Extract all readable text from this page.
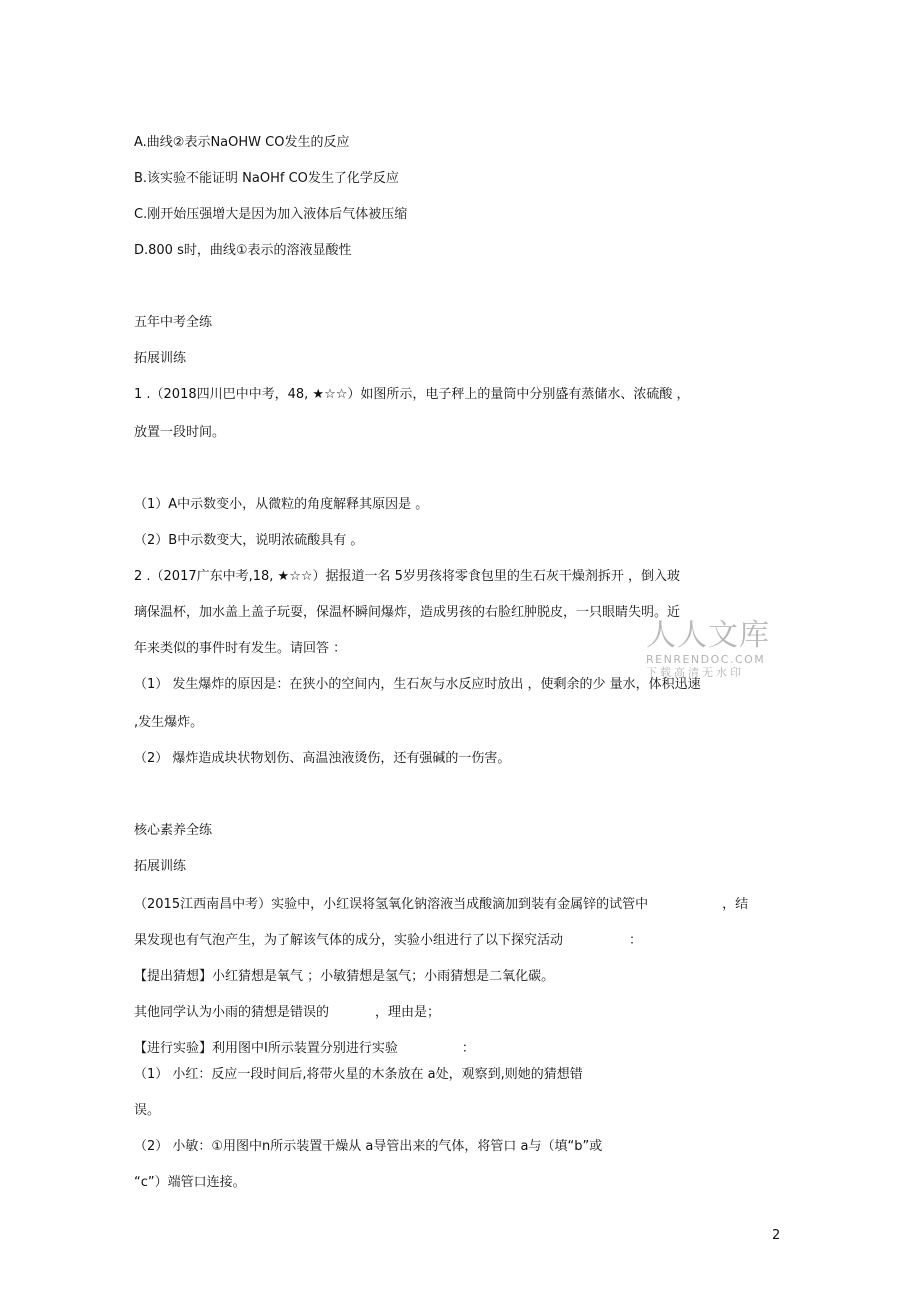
A.曲线②表示NaOHW CO发生的反应
B.该实验不能证明 NaOHf CO发生了化学反应
C.刚开始压强增大是因为加入液体后气体被压缩
D.800 s时，曲线①表示的溶液显酸性
五年中考全练
拓展训练
1 .（2018四川巴中中考，48, ★☆☆）如图所示，电子秤上的量筒中分别盛有蒸储水、浓硫酸 ，
放置一段时间。
（1）A中示数变小，从微粒的角度解释其原因是 。
（2）B中示数变大，说明浓硫酸具有 。
2 .（2017广东中考,18, ★☆☆）据报道一名 5岁男孩将零食包里的生石灰干燥剂拆开 ，倒入玻
璃保温杯，加水盖上盖子玩耍，保温杯瞬间爆炸，造成男孩的右脸红肿脱皮，一只眼睛失明。近
年来类似的事件时有发生。请回答 ：
（1） 发生爆炸的原因是：在狭小的空间内，生石灰与水反应时放出 ，使剩余的少 量水，体积迅速
,发生爆炸。
（2） 爆炸造成块状物划伤、高温浊液烫伤，还有强碱的一伤害。
核心素养全练
拓展训练
（2015江西南昌中考）实验中，小红误将氢氧化钠溶液当成酸滴加到装有金属锌的试管中	，结
果发现也有气泡产生，为了解该气体的成分，实验小组进行了以下探究活动	：
【提出猜想】小红猜想是氧气 ；小敏猜想是氢气；小雨猜想是二氧化碳。
其他同学认为小雨的猜想是错误的	，理由是；
【进行实验】利用图中I所示装置分别进行实验	：
（1） 小红：反应一段时间后,将带火星的木条放在 a处，观察到,则她的猜想错
误。
（2） 小敏：①用图中n所示装置干燥从 a导管出来的气体，将管口 a与（填“b”或
“c”）端管口连接。
人人文库
RENRENDOC.COM
下载高清无水印
2
